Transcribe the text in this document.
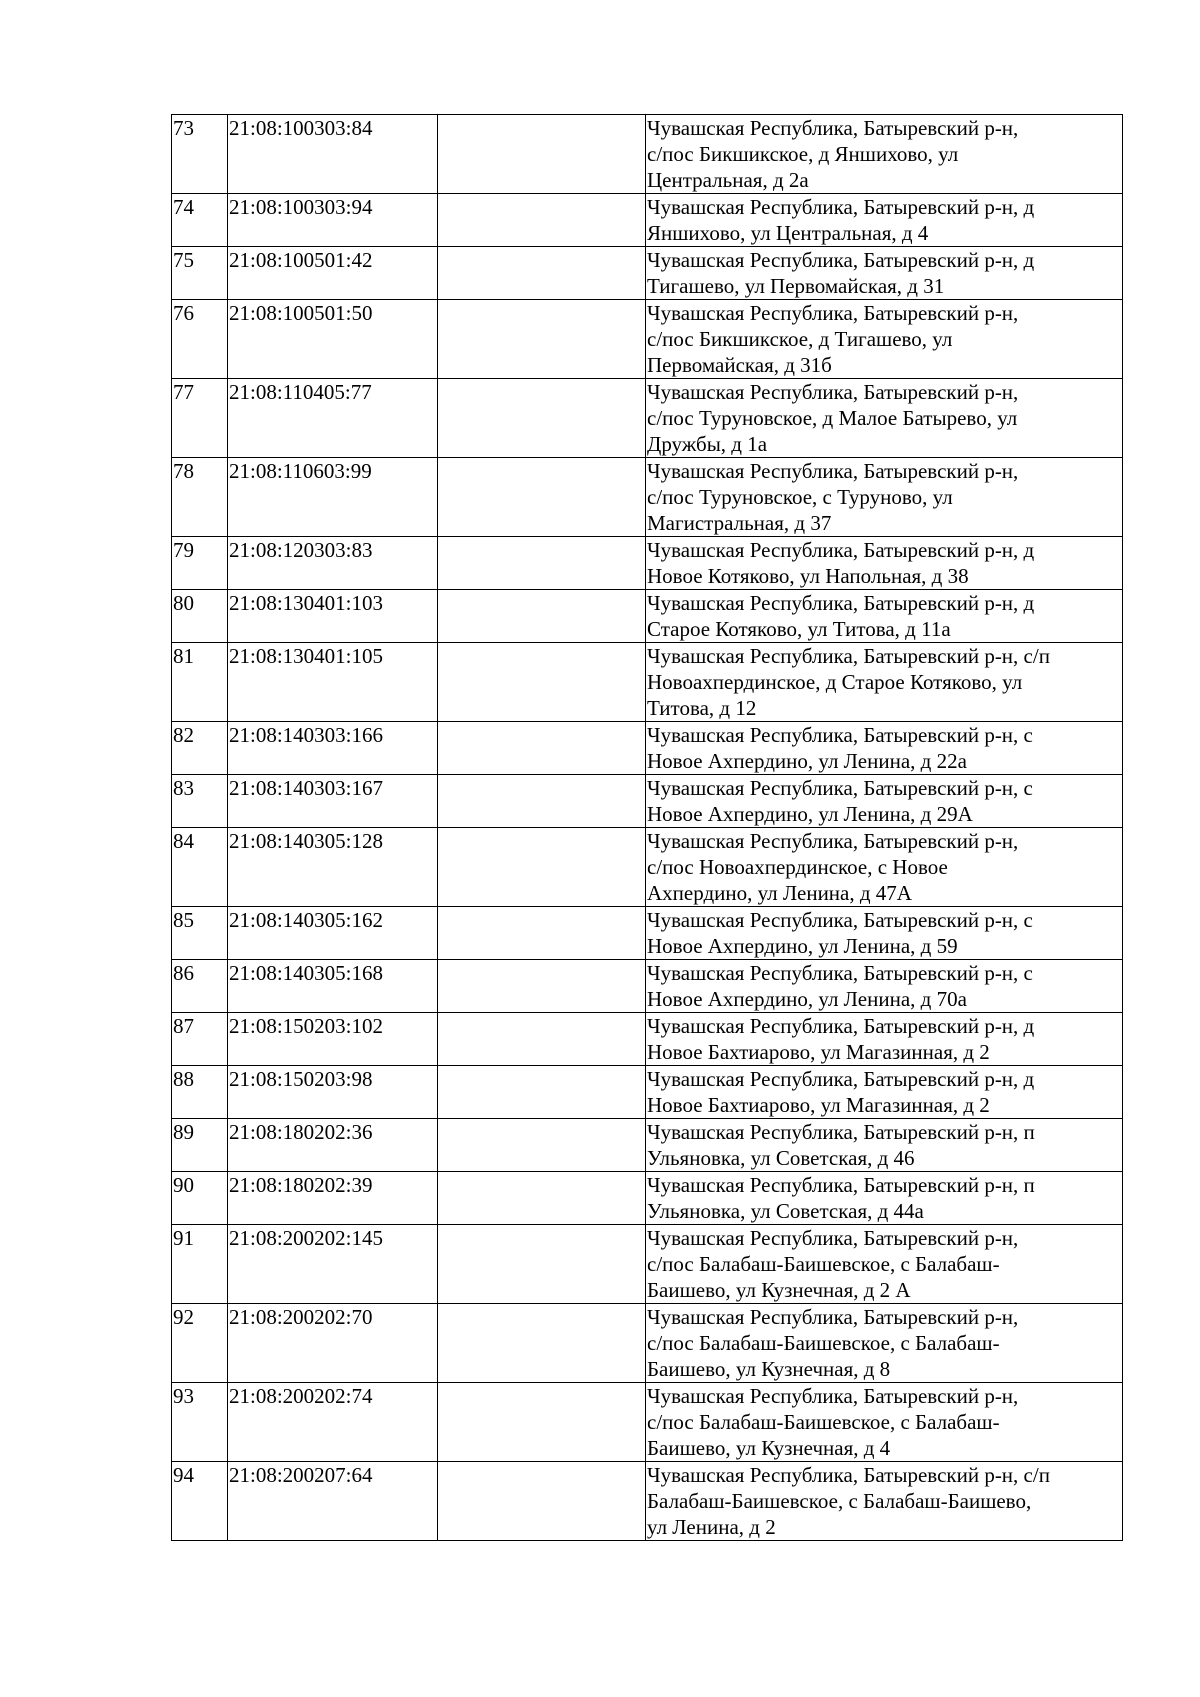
73	21:08:100303:84		Чувашская Республика, Батыревский р-н,
с/пос Бикшикское, д Яншихово, ул
Центральная, д 2а
74	21:08:100303:94		Чувашская Республика, Батыревский р-н, д
Яншихово, ул Центральная, д 4
75	21:08:100501:42		Чувашская Республика, Батыревский р-н, д
Тигашево, ул Первомайская, д 31
76	21:08:100501:50		Чувашская Республика, Батыревский р-н,
с/пос Бикшикское, д Тигашево, ул
Первомайская, д 31б
77	21:08:110405:77		Чувашская Республика, Батыревский р-н,
с/пос Туруновское, д Малое Батырево, ул
Дружбы, д 1а
78	21:08:110603:99		Чувашская Республика, Батыревский р-н,
с/пос Туруновское, с Туруново, ул
Магистральная, д 37
79	21:08:120303:83		Чувашская Республика, Батыревский р-н, д
Новое Котяково, ул Напольная, д 38
80	21:08:130401:103		Чувашская Республика, Батыревский р-н, д
Старое Котяково, ул Титова, д 11а
81	21:08:130401:105		Чувашская Республика, Батыревский р-н, с/п
Новоахпердинское, д Старое Котяково, ул
Титова, д 12
82	21:08:140303:166		Чувашская Республика, Батыревский р-н, с
Новое Ахпердино, ул Ленина, д 22а
83	21:08:140303:167		Чувашская Республика, Батыревский р-н, с
Новое Ахпердино, ул Ленина, д 29А
84	21:08:140305:128		Чувашская Республика, Батыревский р-н,
с/пос Новоахпердинское, с Новое
Ахпердино, ул Ленина, д 47А
85	21:08:140305:162		Чувашская Республика, Батыревский р-н, с
Новое Ахпердино, ул Ленина, д 59
86	21:08:140305:168		Чувашская Республика, Батыревский р-н, с
Новое Ахпердино, ул Ленина, д 70а
87	21:08:150203:102		Чувашская Республика, Батыревский р-н, д
Новое Бахтиарово, ул Магазинная, д 2
88	21:08:150203:98		Чувашская Республика, Батыревский р-н, д
Новое Бахтиарово, ул Магазинная, д 2
89	21:08:180202:36		Чувашская Республика, Батыревский р-н, п
Ульяновка, ул Советская, д 46
90	21:08:180202:39		Чувашская Республика, Батыревский р-н, п
Ульяновка, ул Советская, д 44а
91	21:08:200202:145		Чувашская Республика, Батыревский р-н,
с/пос Балабаш-Баишевское, с Балабаш-
Баишево, ул Кузнечная, д 2 А
92	21:08:200202:70		Чувашская Республика, Батыревский р-н,
с/пос Балабаш-Баишевское, с Балабаш-
Баишево, ул Кузнечная, д 8
93	21:08:200202:74		Чувашская Республика, Батыревский р-н,
с/пос Балабаш-Баишевское, с Балабаш-
Баишево, ул Кузнечная, д 4
94	21:08:200207:64		Чувашская Республика, Батыревский р-н, с/п
Балабаш-Баишевское, с Балабаш-Баишево,
ул Ленина, д 2
